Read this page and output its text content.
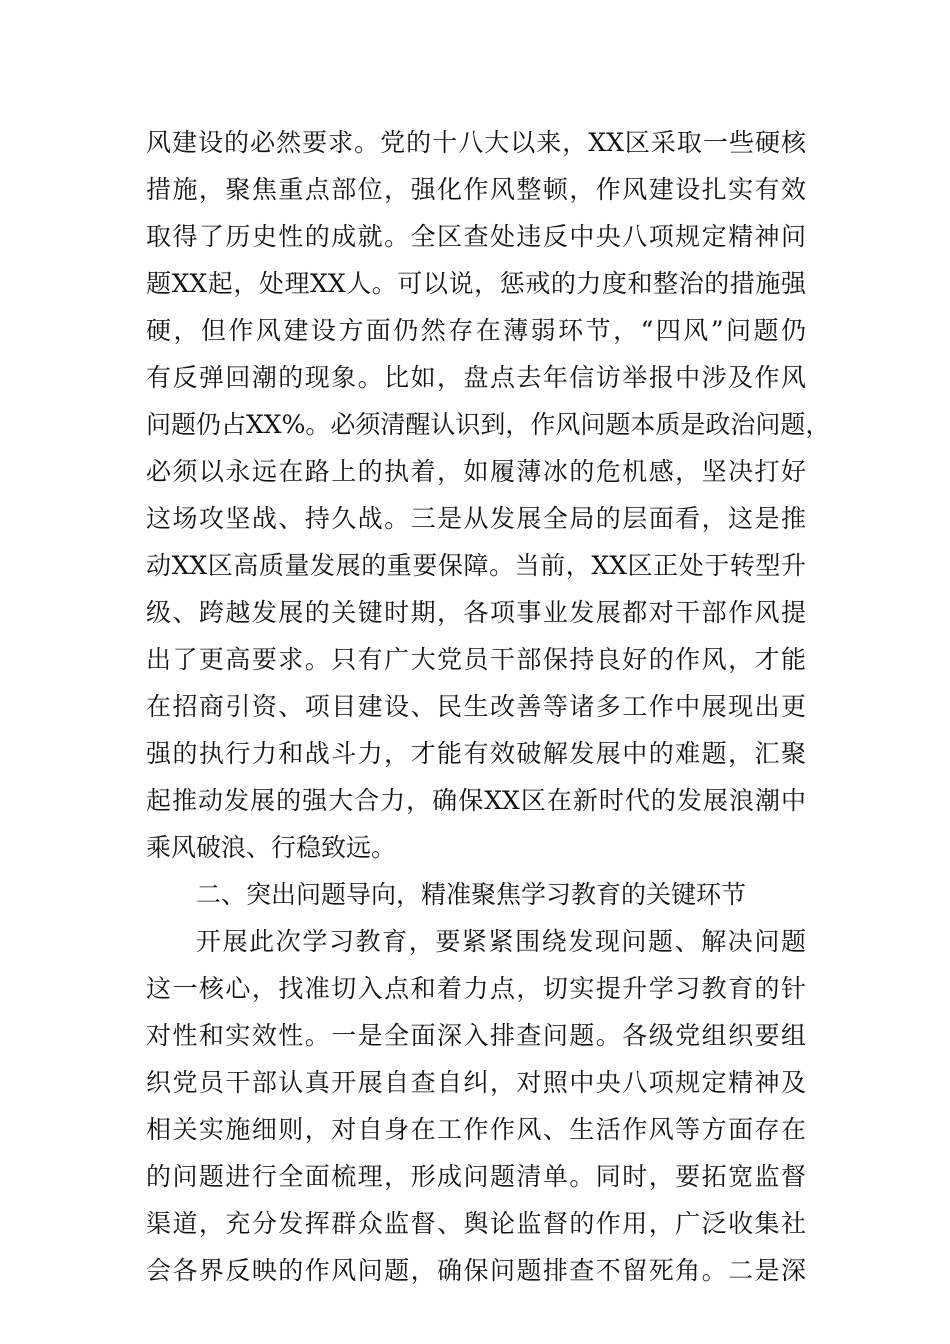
风建设的必然要求。党的十八大以来，XX区采取一些硬核
措施，聚焦重点部位，强化作风整顿，作风建设扎实有效
取得了历史性的成就。全区查处违反中央八项规定精神问
题XX起，处理XX人。可以说，惩戒的力度和整治的措施强
硬，但作风建设方面仍然存在薄弱环节，“四风”问题仍
有反弹回潮的现象。比如，盘点去年信访举报中涉及作风
问题仍占XX%。必须清醒认识到，作风问题本质是政治问题，
必须以永远在路上的执着，如履薄冰的危机感，坚决打好
这场攻坚战、持久战。三是从发展全局的层面看，这是推
动XX区高质量发展的重要保障。当前，XX区正处于转型升
级、跨越发展的关键时期，各项事业发展都对干部作风提
出了更高要求。只有广大党员干部保持良好的作风，才能
在招商引资、项目建设、民生改善等诸多工作中展现出更
强的执行力和战斗力，才能有效破解发展中的难题，汇聚
起推动发展的强大合力，确保XX区在新时代的发展浪潮中
乘风破浪、行稳致远。
二、突出问题导向，精准聚焦学习教育的关键环节
开展此次学习教育，要紧紧围绕发现问题、解决问题
这一核心，找准切入点和着力点，切实提升学习教育的针
对性和实效性。一是全面深入排查问题。各级党组织要组
织党员干部认真开展自查自纠，对照中央八项规定精神及
相关实施细则，对自身在工作作风、生活作风等方面存在
的问题进行全面梳理，形成问题清单。同时，要拓宽监督
渠道，充分发挥群众监督、舆论监督的作用，广泛收集社
会各界反映的作风问题，确保问题排查不留死角。二是深
